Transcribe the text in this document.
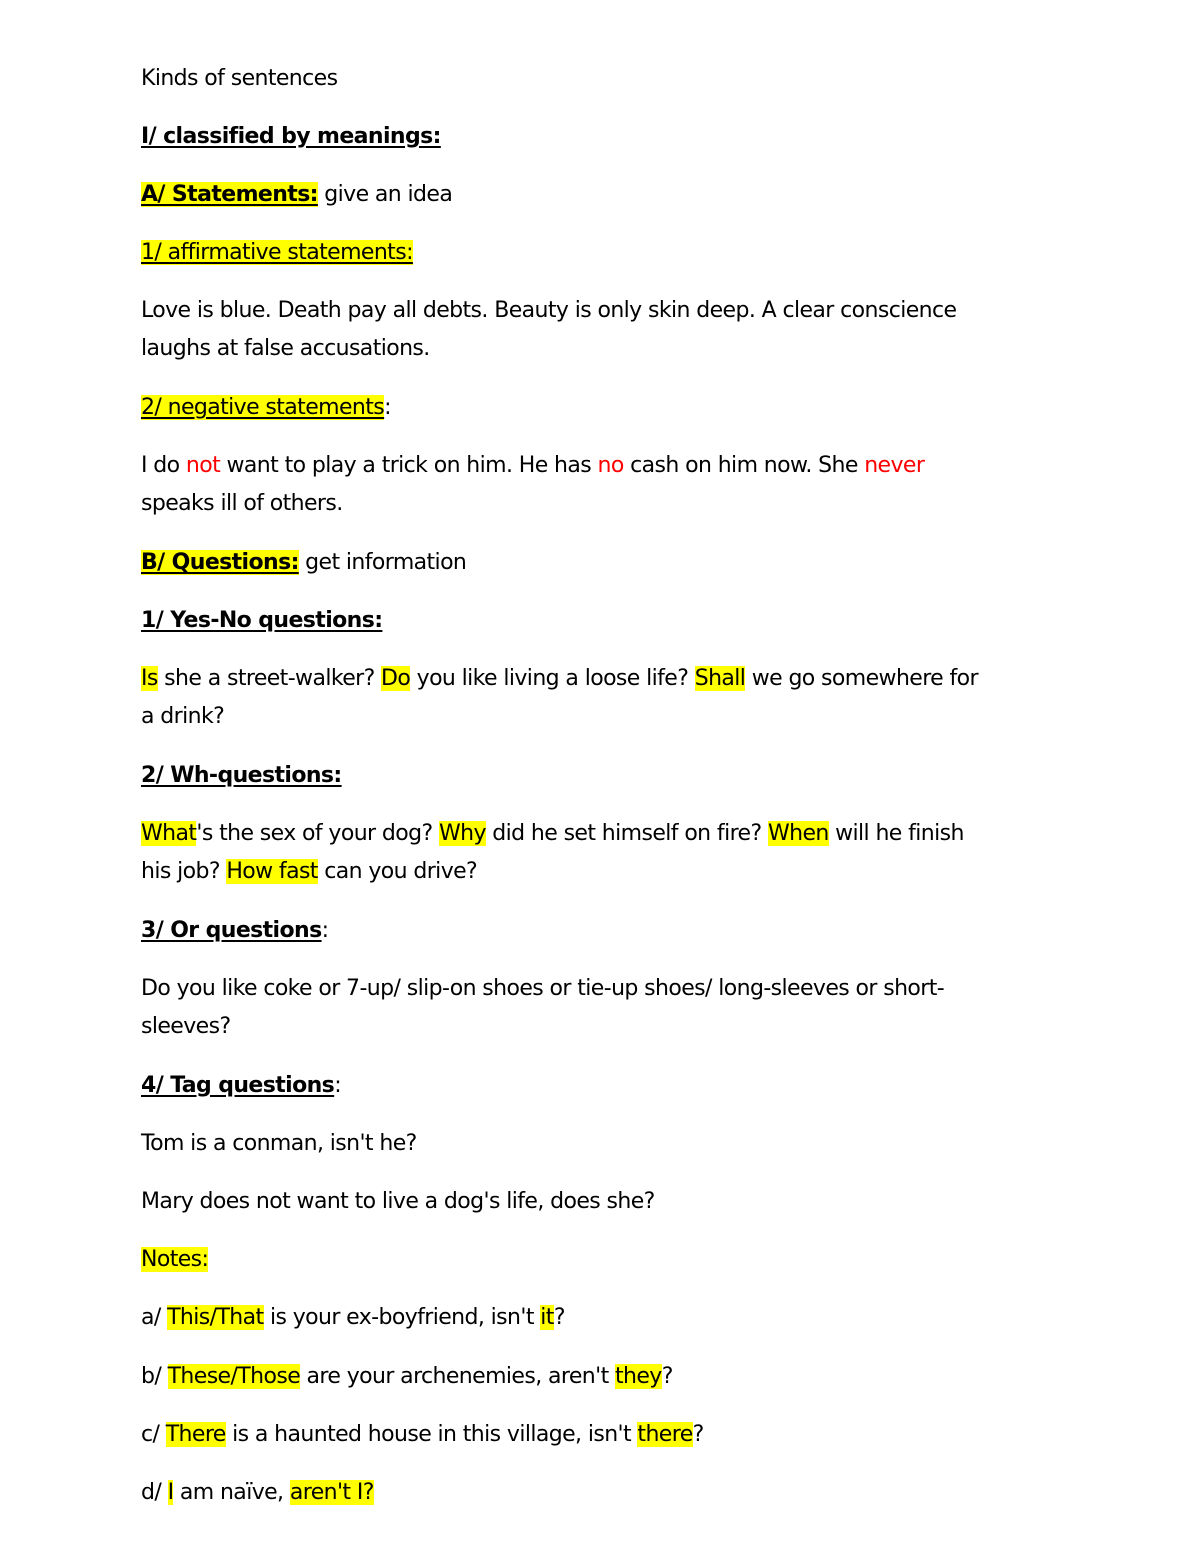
Kinds of sentences
I/ classified by meanings:
A/ Statements: give an idea
1/ affirmative statements:
Love is blue. Death pay all debts. Beauty is only skin deep. A clear conscience
laughs at false accusations.
2/ negative statements:
I do not want to play a trick on him. He has no cash on him now. She never
speaks ill of others.
B/ Questions: get information
1/ Yes-No questions:
Is she a street-walker? Do you like living a loose life? Shall we go somewhere for
a drink?
2/ Wh-questions:
What's the sex of your dog? Why did he set himself on fire? When will he finish
his job? How fast can you drive?
3/ Or questions:
Do you like coke or 7-up/ slip-on shoes or tie-up shoes/ long-sleeves or short-
sleeves?
4/ Tag questions:
Tom is a conman, isn't he?
Mary does not want to live a dog's life, does she?
Notes:
a/ This/That is your ex-boyfriend, isn't it?
b/ These/Those are your archenemies, aren't they?
c/ There is a haunted house in this village, isn't there?
d/ I am naïve, aren't I?
